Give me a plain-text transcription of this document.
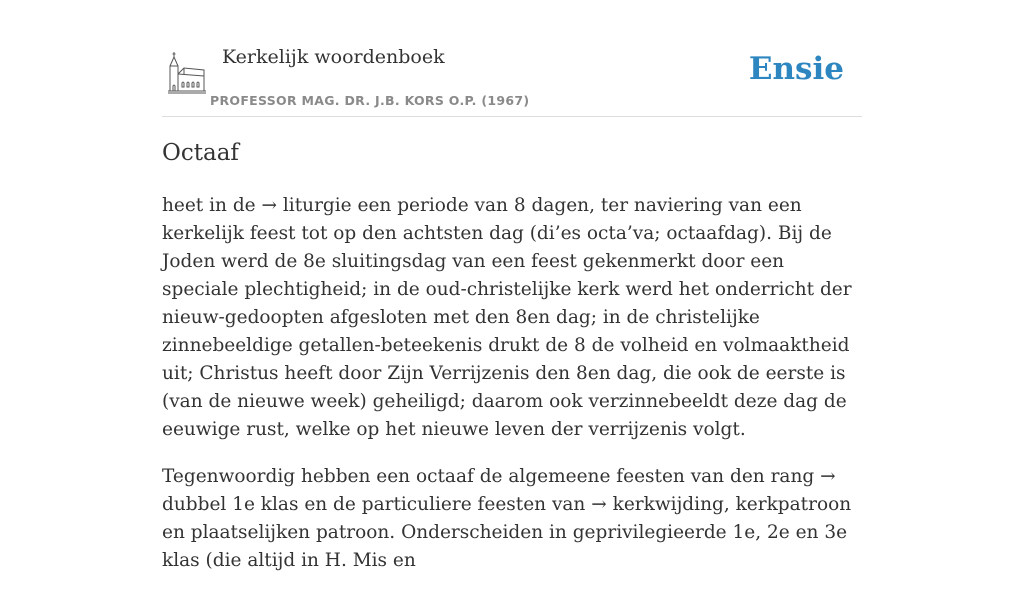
Kerkelijk woordenboek
PROFESSOR MAG. DR. J.B. KORS O.P. (1967)
Ensie
Octaaf

heet in de → liturgie een periode van 8 dagen, ter naviering van een kerkelijk feest tot op den achtsten dag (di’es octa’va; octaafdag). Bij de Joden werd de 8e sluitingsdag van een feest gekenmerkt door een speciale plechtigheid; in de oud-christelijke kerk werd het onderricht der nieuw-gedoopten afgesloten met den 8en dag; in de christelijke zinnebeeldige getallen-beteekenis drukt de 8 de volheid en volmaaktheid uit; Christus heeft door Zijn Verrijzenis den 8en dag, die ook de eerste is (van de nieuwe week) geheiligd; daarom ook verzinnebeeldt deze dag de eeuwige rust, welke op het nieuwe leven der verrijzenis volgt.

Tegenwoordig hebben een octaaf de algemeene feesten van den rang → dubbel 1e klas en de particuliere feesten van → kerkwijding, kerkpatroon en plaatselijken patroon. Onderscheiden in geprivilegieerde 1e, 2e en 3e klas (die altijd in H. Mis en
